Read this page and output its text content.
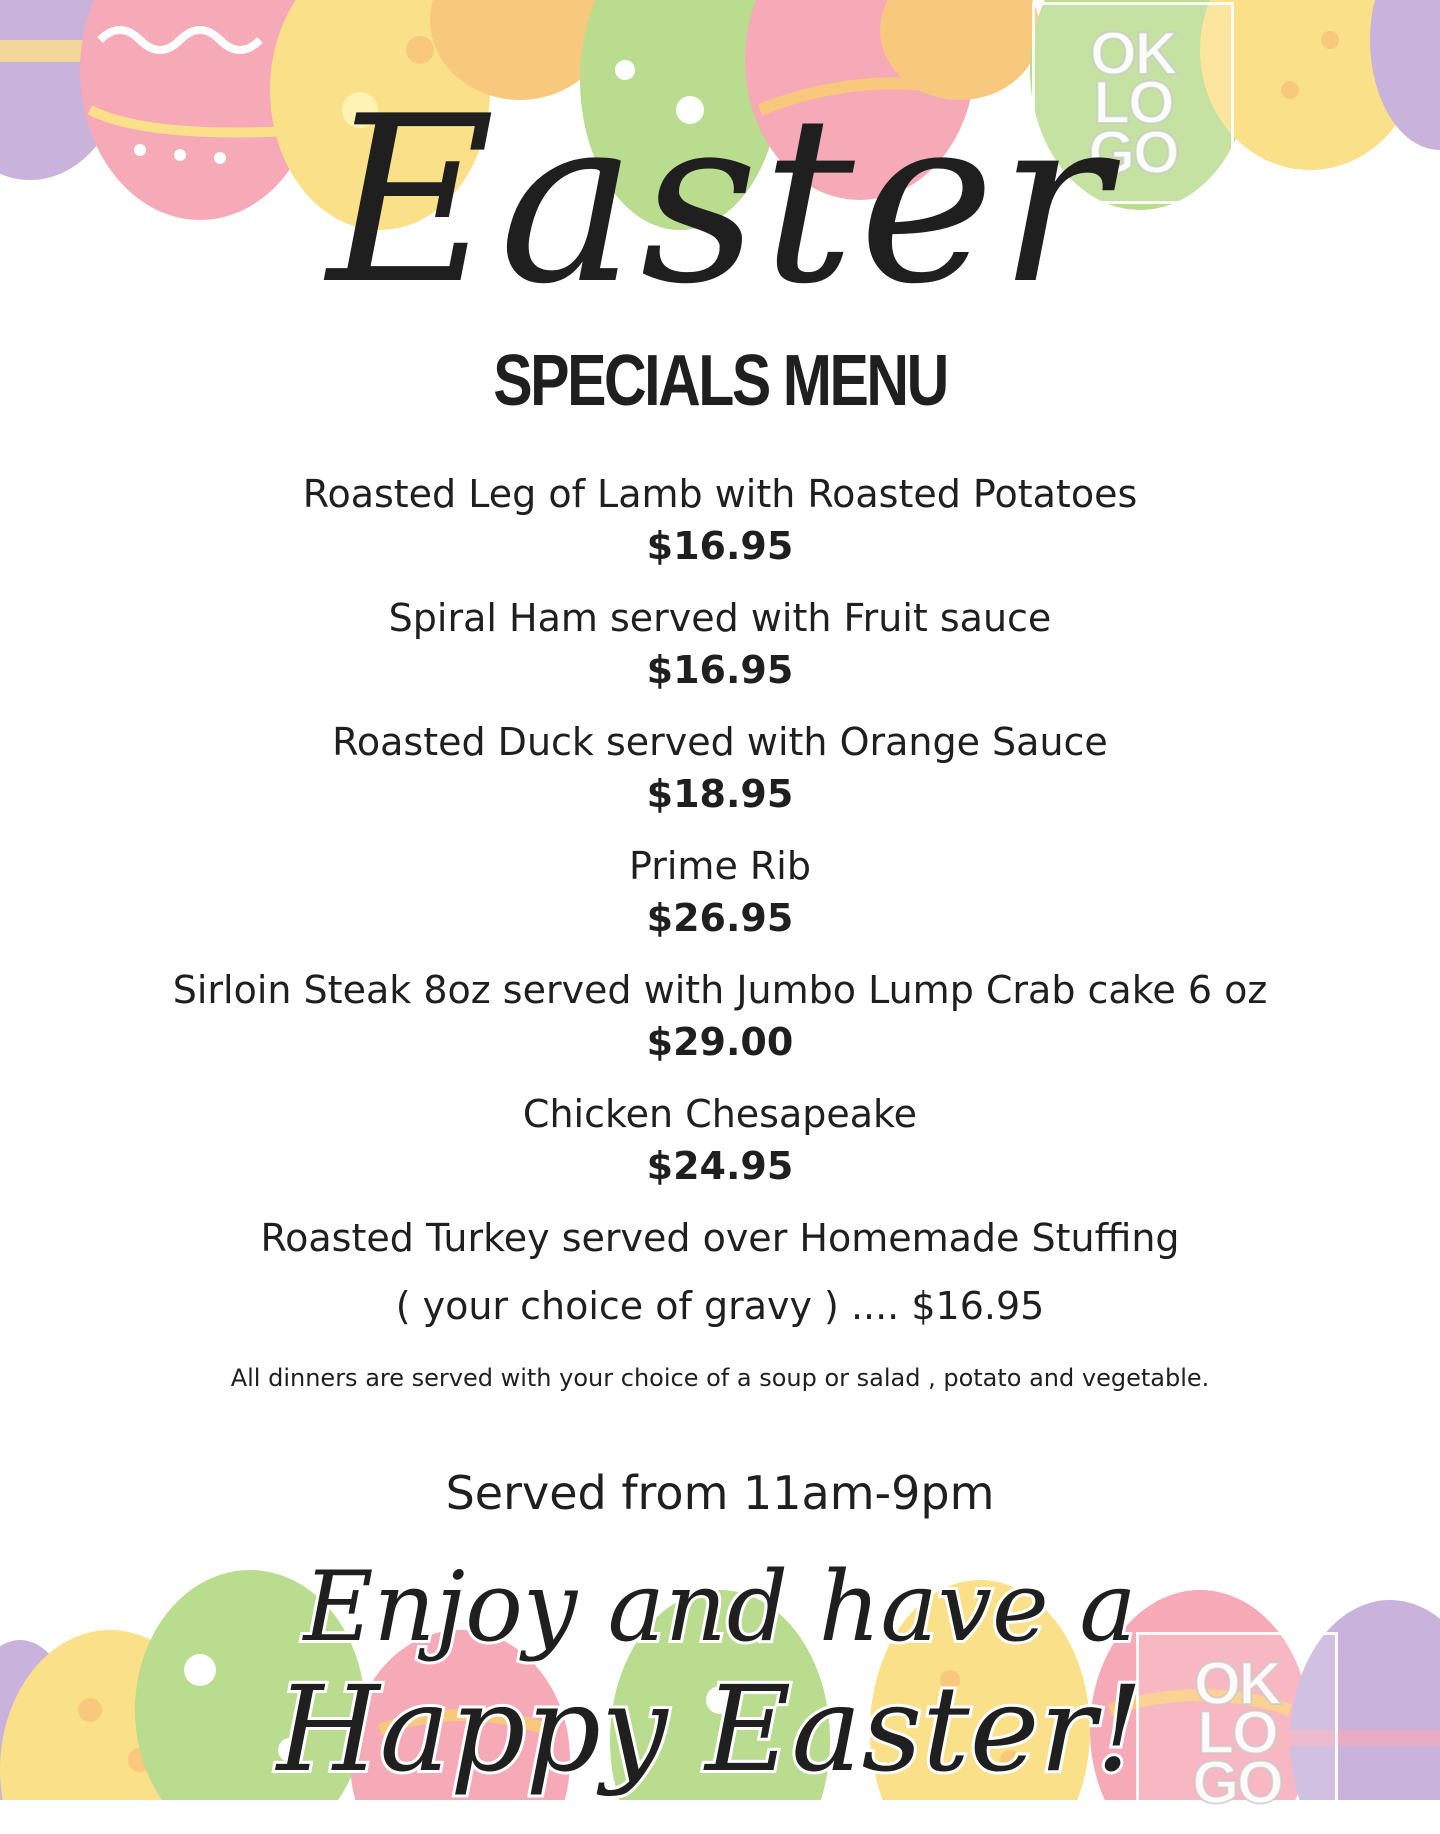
OK
LO
GO
Easter
SPECIALS MENU
Roasted Leg of Lamb with Roasted Potatoes
$16.95
Spiral Ham served with Fruit sauce
$16.95
Roasted Duck served with Orange Sauce
$18.95
Prime Rib
$26.95
Sirloin Steak 8oz served with Jumbo Lump Crab cake 6 oz
$29.00
Chicken Chesapeake
$24.95
Roasted Turkey served over Homemade Stuffing
( your choice of gravy ) .... $16.95
All dinners are served with your choice of a soup or salad , potato and vegetable.
Served from 11am-9pm
OK
LO
GO
Enjoy and have a
Happy Easter!
